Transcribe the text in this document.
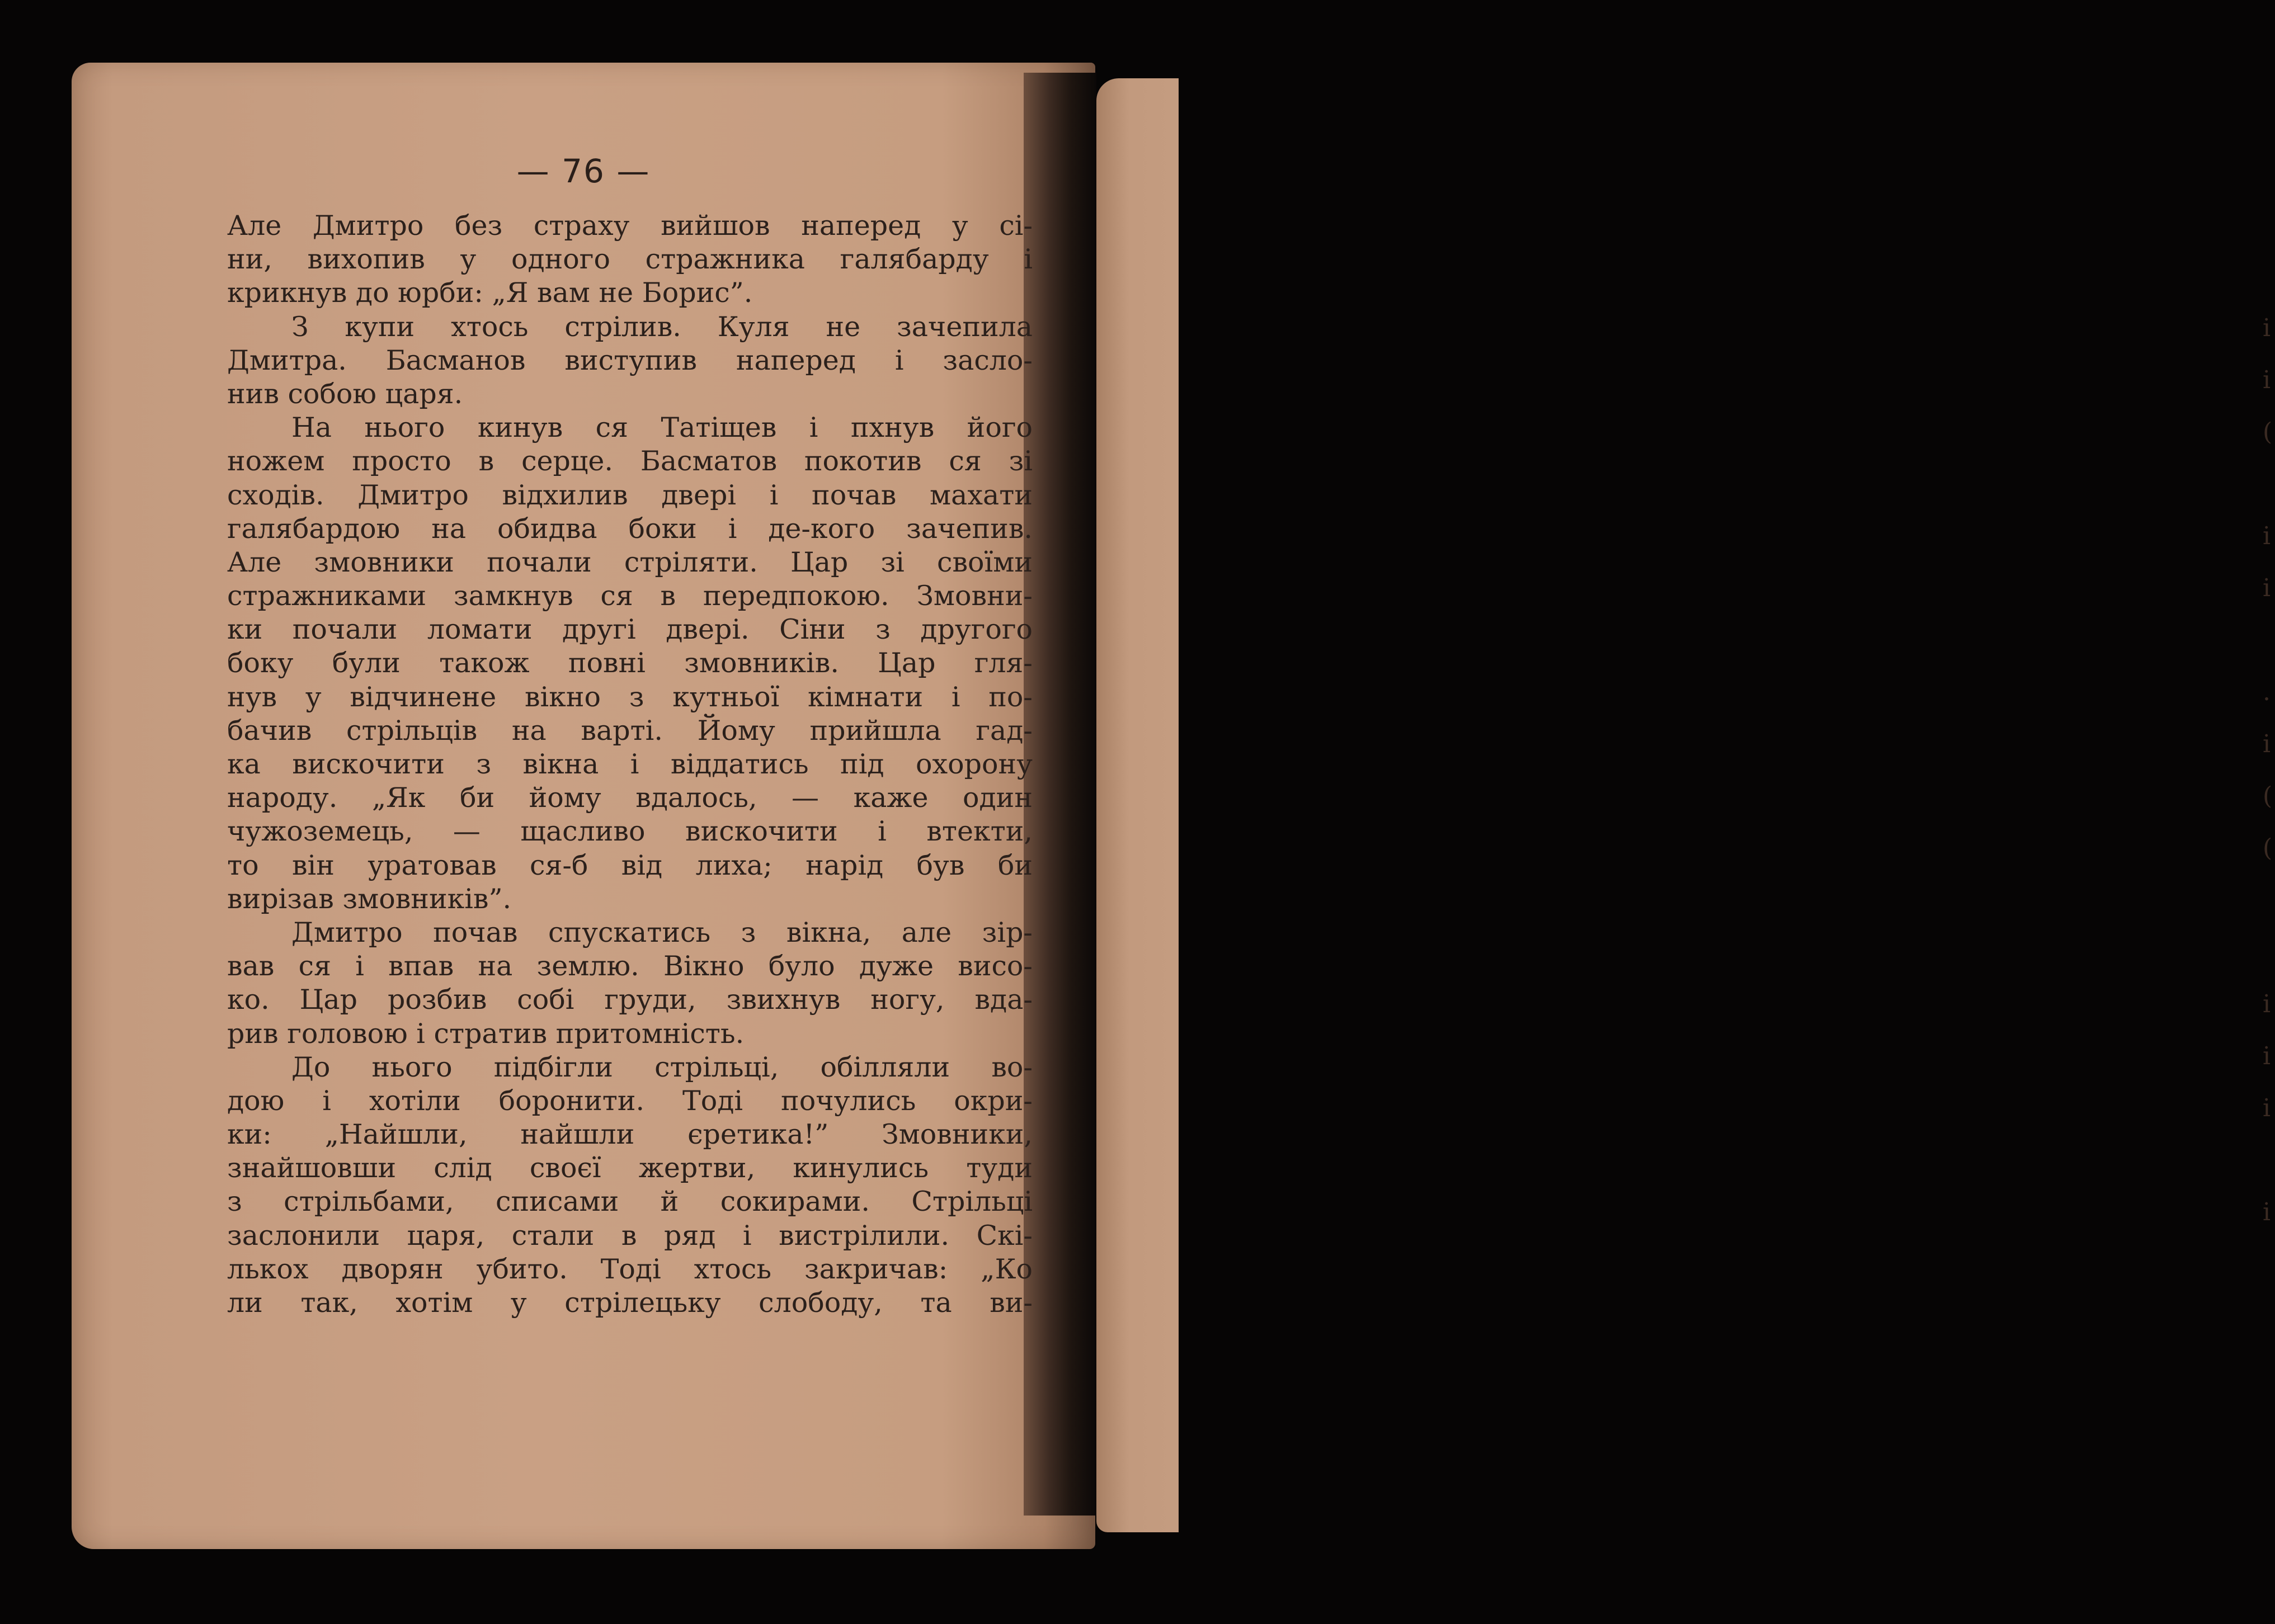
і
і
(
і
і
.
і
(
(
і
і
і
і
— 76 —
Але Дмитро без страху вийшов наперед у сі-
ни, вихопив у одного стражника галябарду і
крикнув до юрби: „Я вам не Борис”.
З купи хтось стрілив. Куля не зачепила
Дмитра. Басманов виступив наперед і засло-
нив собою царя.
На нього кинув ся Татіщев і пхнув його
ножем просто в серце. Басматов покотив ся зі
сходів. Дмитро відхилив двері і почав махати
галябардою на обидва боки і де-кого зачепив.
Але змовники почали стріляти. Цар зі своїми
стражниками замкнув ся в передпокою. Змовни-
ки почали ломати другі двері. Сіни з другого
боку були також повні змовників. Цар гля-
нув у відчинене вікно з кутньої кімнати і по-
бачив стрільців на варті. Йому прийшла гад-
ка вискочити з вікна і віддатись під охорону
народу. „Як би йому вдалось, — каже один
чужоземець, — щасливо вискочити і втекти,
то він уратовав ся-б від лиха; нарід був би
вирізав змовників”.
Дмитро почав спускатись з вікна, але зір-
вав ся і впав на землю. Вікно було дуже висо-
ко. Цар розбив собі груди, звихнув ногу, вда-
рив головою і стратив притомність.
До нього підбігли стрільці, обілляли во-
дою і хотіли боронити. Тоді почулись окри-
ки: „Найшли, найшли єретика!” Змовники,
знайшовши слід своєї жертви, кинулись туди
з стрільбами, списами й сокирами. Стрільці
заслонили царя, стали в ряд і вистрілили. Скі-
лькох дворян убито. Тоді хтось закричав: „Ко
ли так, хотім у стрілецьку слободу, та ви-
